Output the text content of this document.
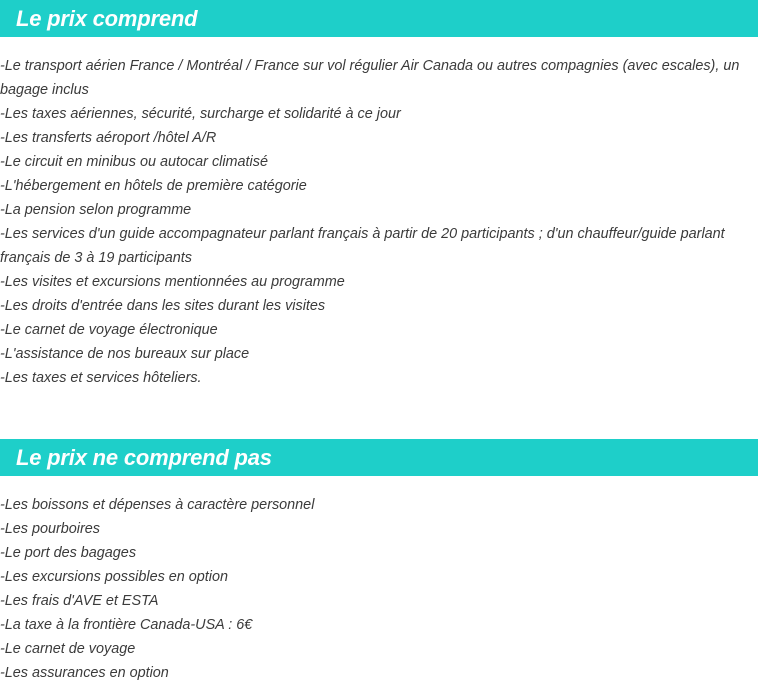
Le prix comprend
-Le transport aérien France / Montréal / France sur vol régulier Air Canada ou autres compagnies (avec escales), un bagage inclus
-Les taxes aériennes, sécurité, surcharge et solidarité à ce jour
-Les transferts aéroport /hôtel A/R
-Le circuit en minibus ou autocar climatisé
-L'hébergement en hôtels de première catégorie
-La pension selon programme
-Les services d'un guide accompagnateur parlant français à partir de 20 participants ; d'un chauffeur/guide parlant français de 3 à 19 participants
-Les visites et excursions mentionnées au programme
-Les droits d'entrée dans les sites durant les visites
-Le carnet de voyage électronique
-L'assistance de nos bureaux sur place
-Les taxes et services hôteliers.
Le prix ne comprend pas
-Les boissons et dépenses à caractère personnel
-Les pourboires
-Le port des bagages
-Les excursions possibles en option
-Les frais d'AVE et ESTA
-La taxe à la frontière Canada-USA : 6€
-Le carnet de voyage
-Les assurances en option
